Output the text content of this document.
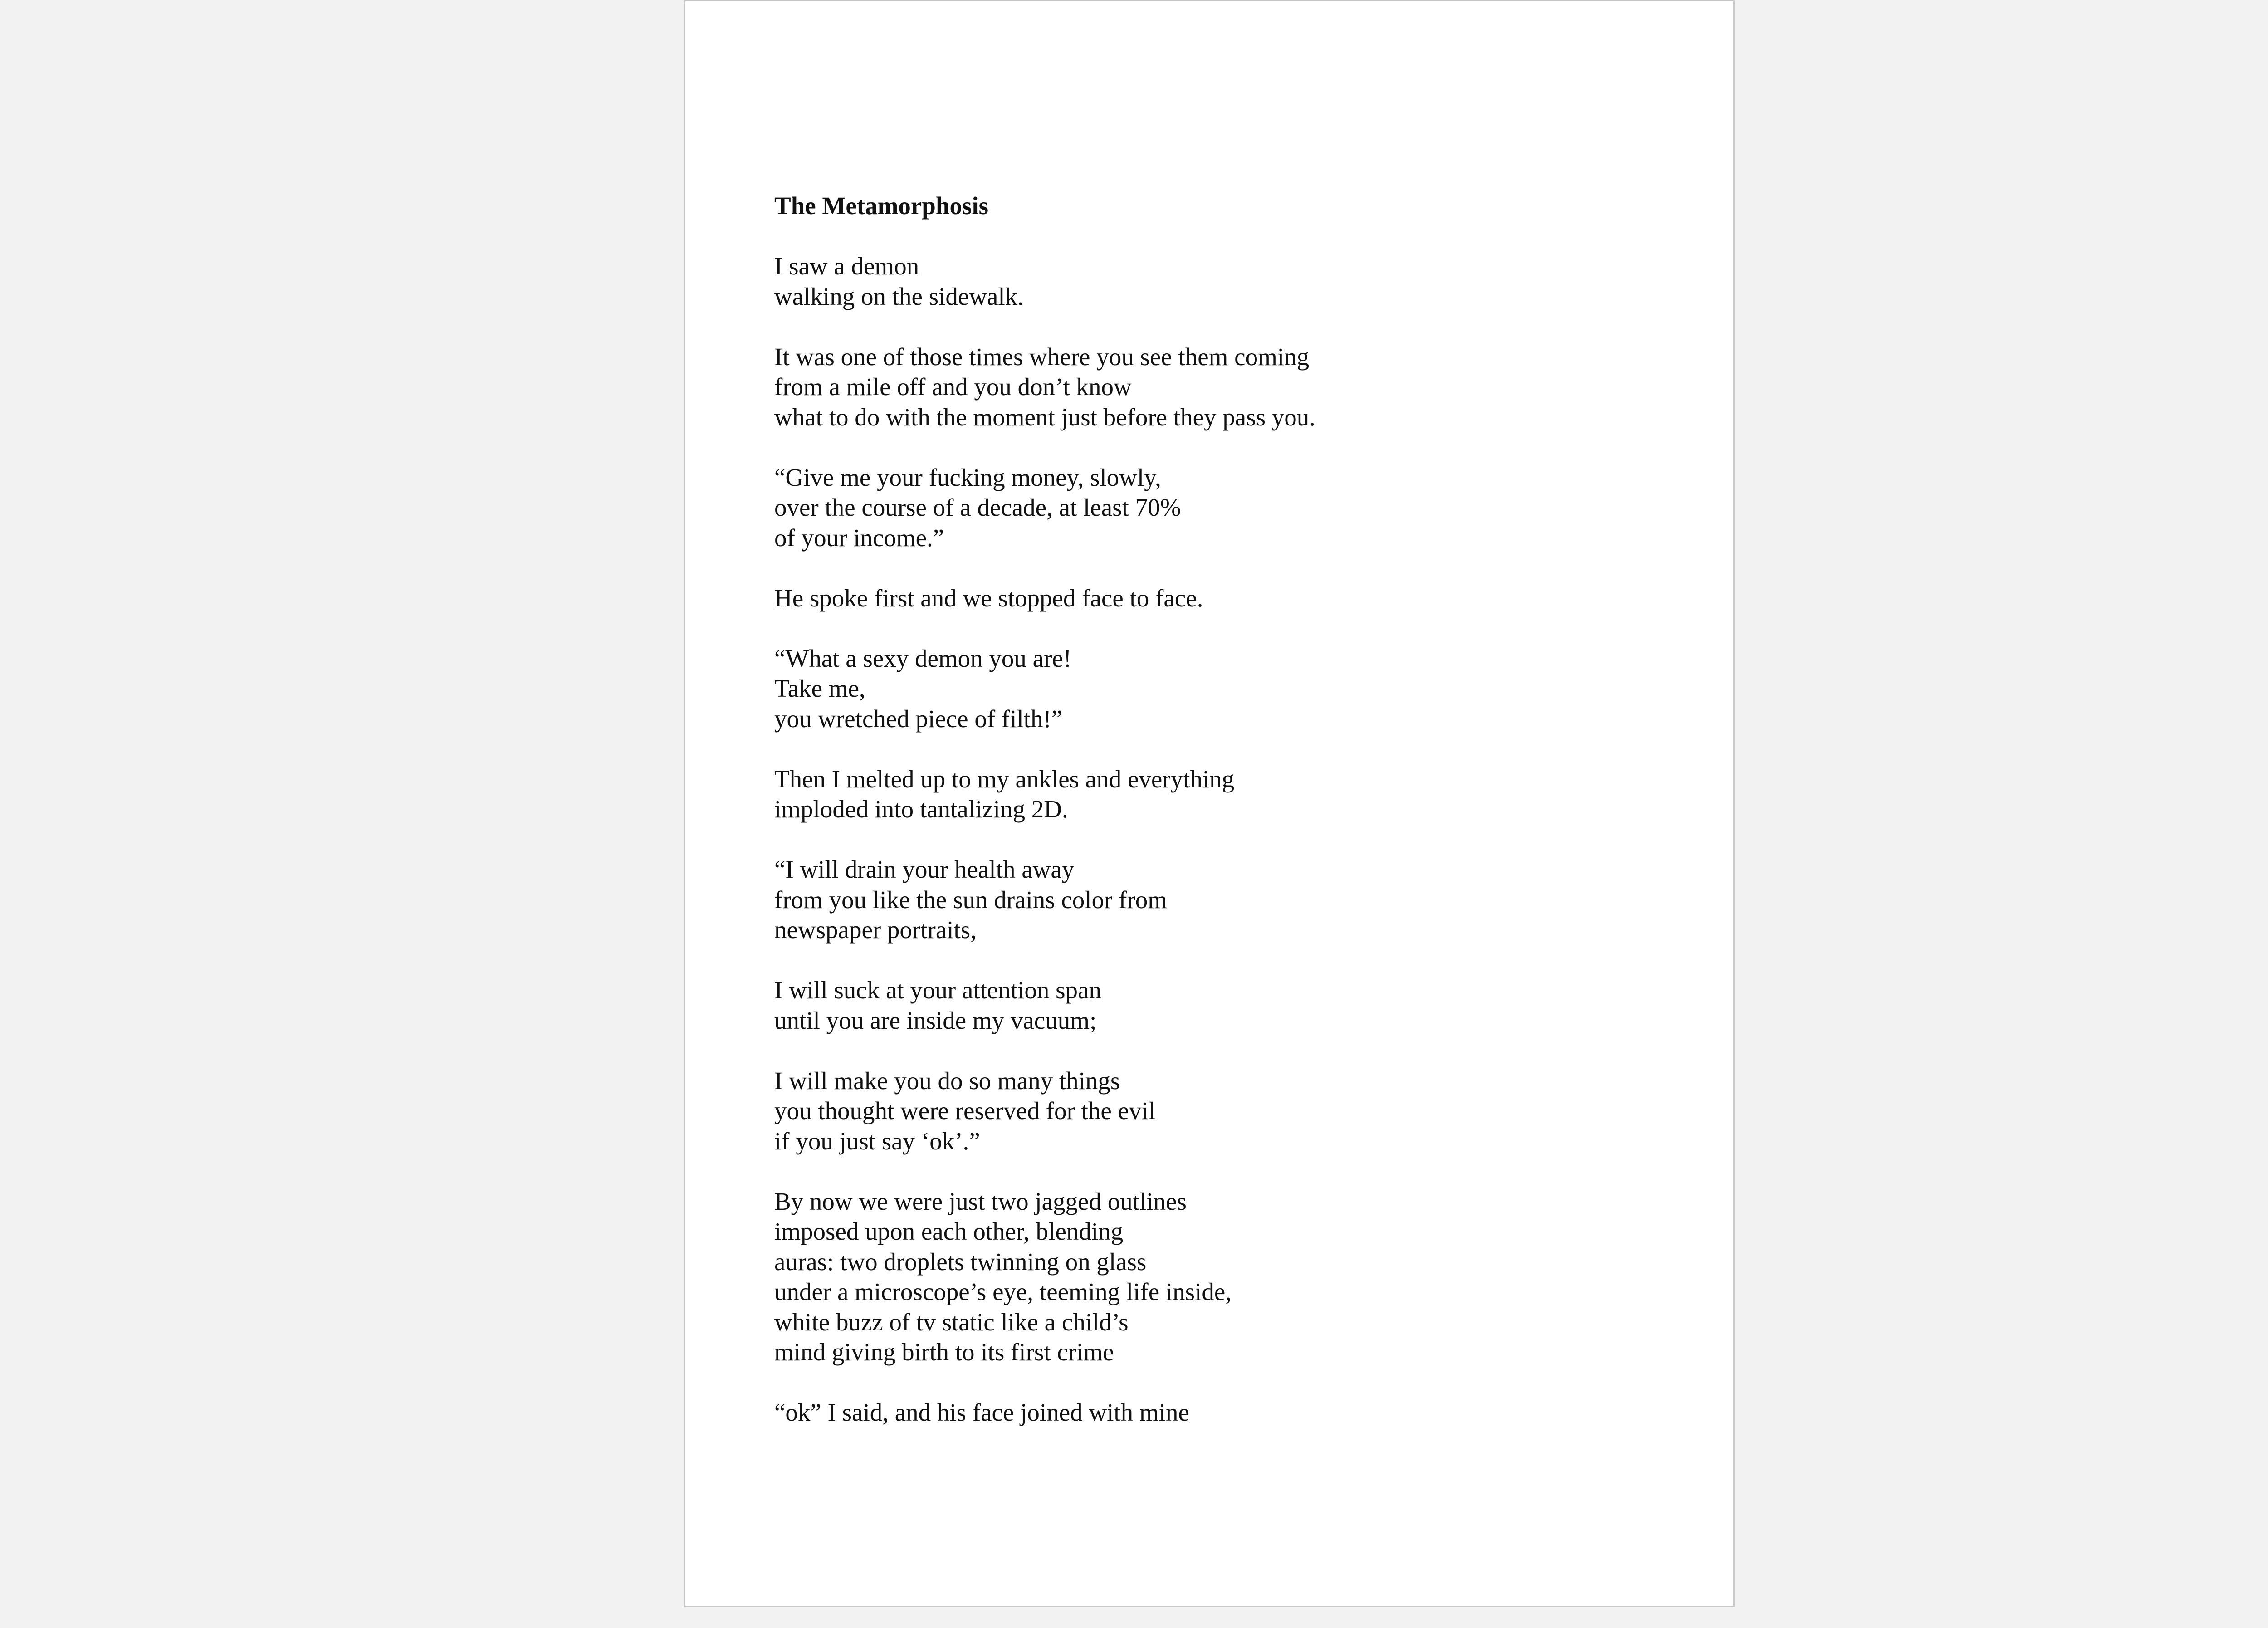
The Metamorphosis
I saw a demon
walking on the sidewalk.
It was one of those times where you see them coming
from a mile off and you don’t know
what to do with the moment just before they pass you.
“Give me your fucking money, slowly,
over the course of a decade, at least 70%
of your income.”
He spoke first and we stopped face to face.
“What a sexy demon you are!
Take me,
you wretched piece of filth!”
Then I melted up to my ankles and everything
imploded into tantalizing 2D.
“I will drain your health away
from you like the sun drains color from
newspaper portraits,
I will suck at your attention span
until you are inside my vacuum;
I will make you do so many things
you thought were reserved for the evil
if you just say ‘ok’.”
By now we were just two jagged outlines
imposed upon each other, blending
auras: two droplets twinning on glass
under a microscope’s eye, teeming life inside,
white buzz of tv static like a child’s
mind giving birth to its first crime
“ok” I said, and his face joined with mine
